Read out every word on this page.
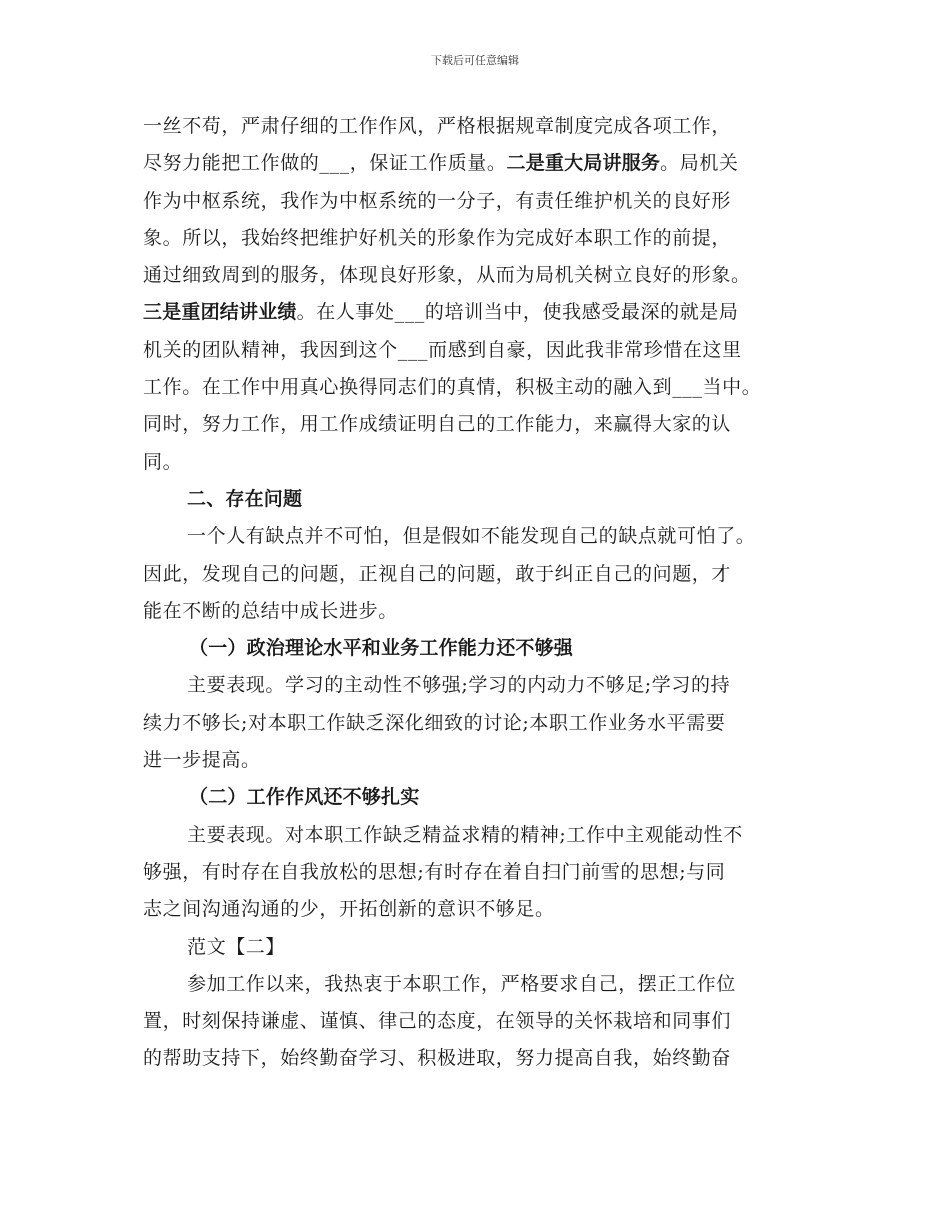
下载后可任意编辑
一丝不苟，严肃仔细的工作作风，严格根据规章制度完成各项工作，
尽努力能把工作做的___，保证工作质量。二是重大局讲服务。局机关
作为中枢系统，我作为中枢系统的一分子，有责任维护机关的良好形
象。所以，我始终把维护好机关的形象作为完成好本职工作的前提，
通过细致周到的服务，体现良好形象，从而为局机关树立良好的形象。
三是重团结讲业绩。在人事处___的培训当中，使我感受最深的就是局
机关的团队精神，我因到这个___而感到自豪，因此我非常珍惜在这里
工作。在工作中用真心换得同志们的真情，积极主动的融入到___当中。
同时，努力工作，用工作成绩证明自己的工作能力，来赢得大家的认
同。
二、存在问题
一个人有缺点并不可怕，但是假如不能发现自己的缺点就可怕了。
因此，发现自己的问题，正视自己的问题，敢于纠正自己的问题，才
能在不断的总结中成长进步。
（一）政治理论水平和业务工作能力还不够强
主要表现。学习的主动性不够强;学习的内动力不够足;学习的持
续力不够长;对本职工作缺乏深化细致的讨论;本职工作业务水平需要
进一步提高。
（二）工作作风还不够扎实
主要表现。对本职工作缺乏精益求精的精神;工作中主观能动性不
够强，有时存在自我放松的思想;有时存在着自扫门前雪的思想;与同
志之间沟通沟通的少，开拓创新的意识不够足。
范文【二】
参加工作以来，我热衷于本职工作，严格要求自己，摆正工作位
置，时刻保持谦虚、谨慎、律己的态度，在领导的关怀栽培和同事们
的帮助支持下，始终勤奋学习、积极进取，努力提高自我，始终勤奋
